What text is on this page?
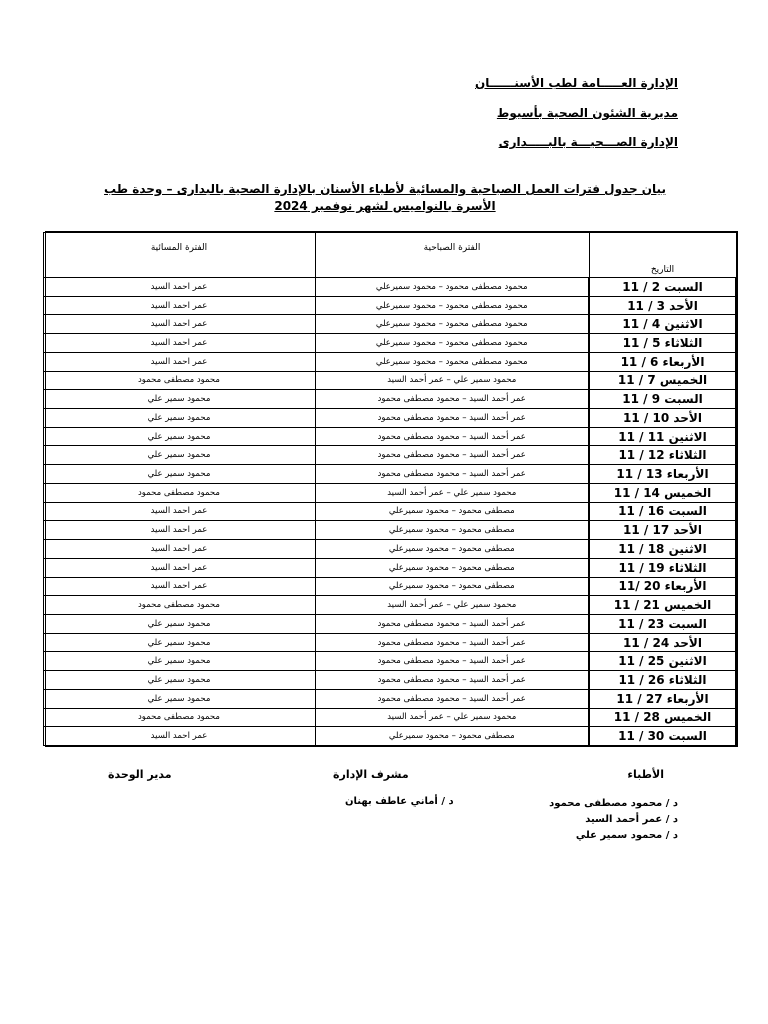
الإدارة العـــــامة لطب الأسنــــــان
مديرية الشئون الصحية بأسيوط
الإدارة الصـــحيـــة بالبـــــدارى
بيان جدول فترات العمل الصباحية والمسائية لأطباء الأسنان بالإدارة الصحية بالبدارى – وحدة طب
الأسرة بالنواميس لشهر نوفمبر 2024
التاريخ	الفترة الصباحية	الفترة المسائية
السبت 2 / 11	محمود مصطفى محمود – محمود سميرعلي	عمر احمد السيد
الأحد 3 / 11	محمود مصطفى محمود – محمود سميرعلي	عمر احمد السيد
الاثنين 4 / 11	محمود مصطفى محمود – محمود سميرعلي	عمر احمد السيد
الثلاثاء 5 / 11	محمود مصطفى محمود – محمود سميرعلي	عمر احمد السيد
الأربعاء 6 / 11	محمود مصطفى محمود – محمود سميرعلي	عمر احمد السيد
الخميس 7 / 11	محمود سمير علي – عمر أحمد السيد	محمود مصطفى محمود
السبت 9 / 11	عمر أحمد السيد – محمود مصطفى محمود	محمود سمير علي
الأحد 10 / 11	عمر أحمد السيد – محمود مصطفى محمود	محمود سمير علي
الاثنين 11 / 11	عمر أحمد السيد – محمود مصطفى محمود	محمود سمير علي
الثلاثاء 12 / 11	عمر أحمد السيد – محمود مصطفى محمود	محمود سمير علي
الأربعاء 13 / 11	عمر أحمد السيد – محمود مصطفى محمود	محمود سمير علي
الخميس 14 / 11	محمود سمير علي – عمر أحمد السيد	محمود مصطفى محمود
السبت 16 / 11	مصطفى محمود – محمود سميرعلي	عمر احمد السيد
الأحد 17 / 11	مصطفى محمود – محمود سميرعلي	عمر احمد السيد
الاثنين 18 / 11	مصطفى محمود – محمود سميرعلي	عمر احمد السيد
الثلاثاء 19 / 11	مصطفى محمود – محمود سميرعلي	عمر احمد السيد
الأربعاء 20 /11	مصطفى محمود – محمود سميرعلي	عمر احمد السيد
الخميس 21 / 11	محمود سمير علي – عمر أحمد السيد	محمود مصطفى محمود
السبت 23 / 11	عمر أحمد السيد – محمود مصطفى محمود	محمود سمير علي
الأحد 24 / 11	عمر أحمد السيد – محمود مصطفى محمود	محمود سمير علي
الاثنين 25 / 11	عمر أحمد السيد – محمود مصطفى محمود	محمود سمير علي
الثلاثاء 26 / 11	عمر أحمد السيد – محمود مصطفى محمود	محمود سمير علي
الأربعاء 27 / 11	عمر أحمد السيد – محمود مصطفى محمود	محمود سمير علي
الخميس 28 / 11	محمود سمير علي – عمر أحمد السيد	محمود مصطفى محمود
السبت 30 / 11	مصطفى محمود – محمود سميرعلي	عمر احمد السيد
الأطباء
مشرف الإدارة
مدير الوحدة
د / محمود مصطفى محمود
د / عمر أحمد السيد
د / محمود سمير علي
د / أماني عاطف بهنان
